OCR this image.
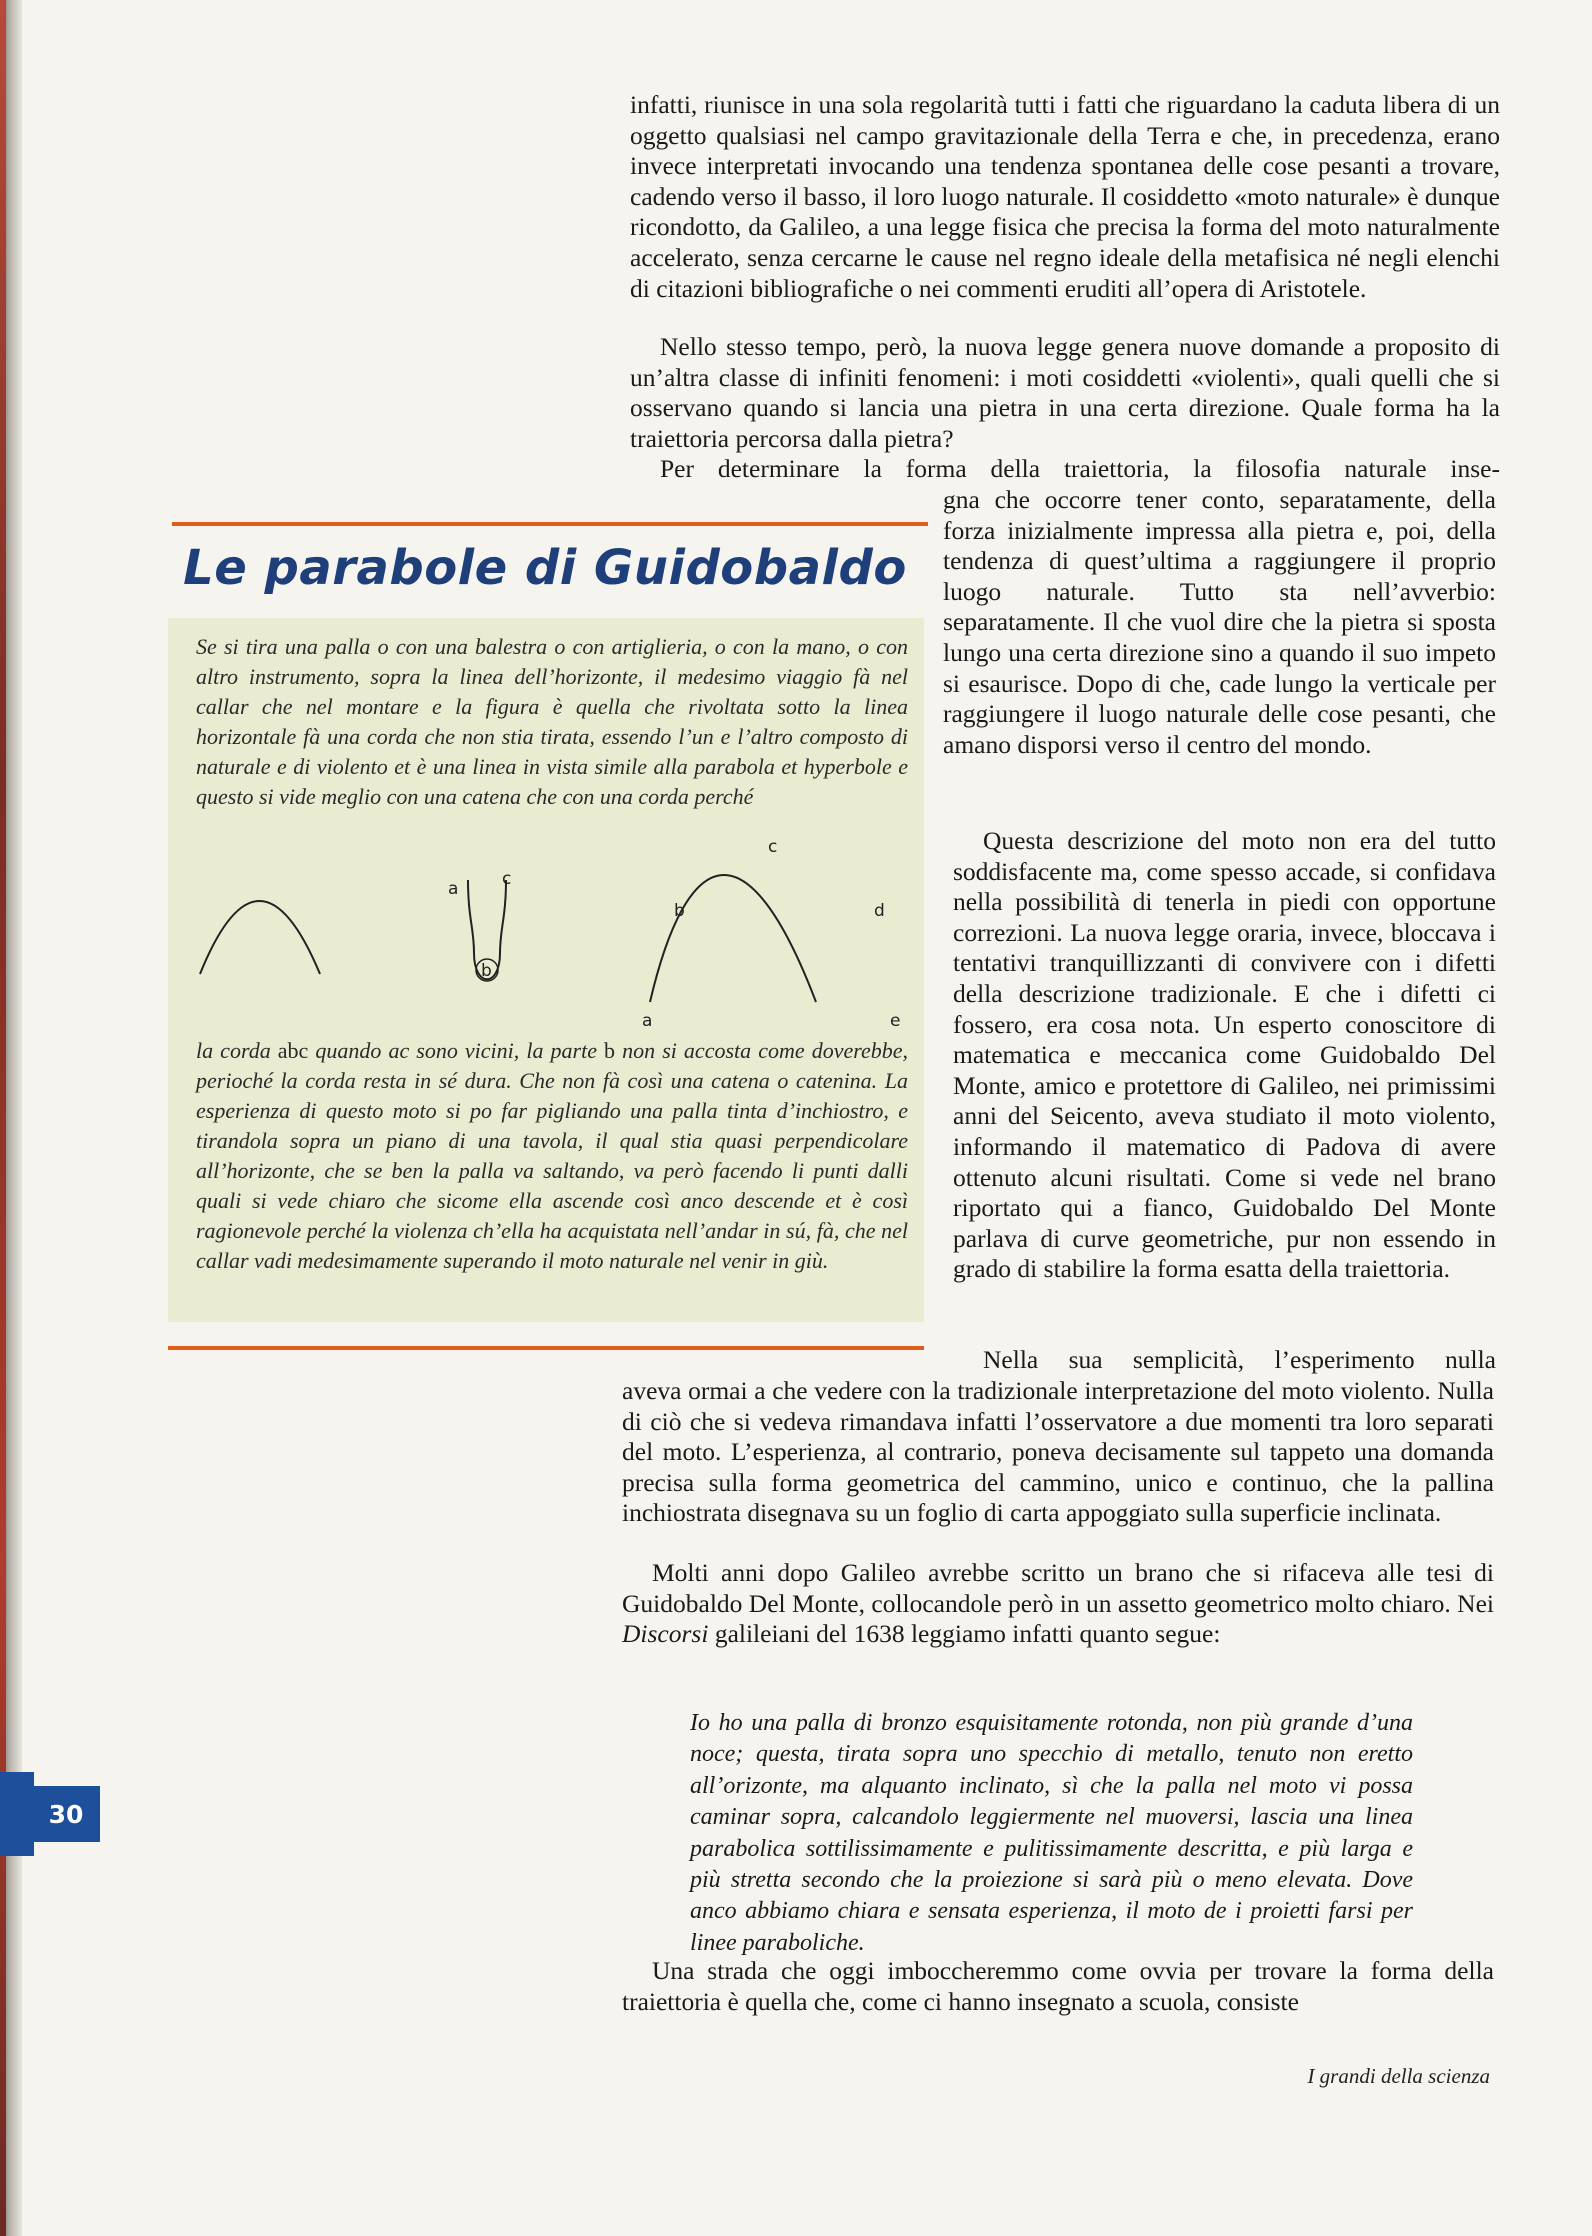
infatti, riunisce in una sola regolarità tutti i fatti che riguardano la caduta libera di un oggetto qualsiasi nel campo gravitazionale della Terra e che, in precedenza, erano invece interpretati invocando una tendenza spontanea delle cose pesanti a trovare, cadendo verso il basso, il loro luogo naturale. Il cosiddetto «moto naturale» è dunque ricondotto, da Galileo, a una legge fisica che precisa la forma del moto naturalmente accelerato, senza cercarne le cause nel regno ideale della metafisica né negli elenchi di citazioni bibliografiche o nei commenti eruditi all’opera di Aristotele.

Nello stesso tempo, però, la nuova legge genera nuove domande a proposito di un’altra classe di infiniti fenomeni: i moti cosiddetti «violenti», quali quelli che si osservano quando si lancia una pietra in una certa direzione. Quale forma ha la traiettoria percorsa dalla pietra?

Per determinare la forma della traiettoria, la filosofia naturale inse-

gna che occorre tener conto, separatamente, della forza inizialmente impressa alla pietra e, poi, della tendenza di quest’ultima a raggiungere il proprio luogo naturale. Tutto sta nell’avverbio: separatamente. Il che vuol dire che la pietra si sposta lungo una certa direzione sino a quando il suo impeto si esaurisce. Dopo di che, cade lungo la verticale per raggiungere il luogo naturale delle cose pesanti, che amano disporsi verso il centro del mondo.

Questa descrizione del moto non era del tutto soddisfacente ma, come spesso accade, si confidava nella possibilità di tenerla in piedi con opportune correzioni. La nuova legge oraria, invece, bloccava i tentativi tranquillizzanti di convivere con i difetti della descrizione tradizionale. E che i difetti ci fossero, era cosa nota. Un esperto conoscitore di matematica e meccanica come Guidobaldo Del Monte, amico e protettore di Galileo, nei primissimi anni del Seicento, aveva studiato il moto violento, informando il matematico di Padova di avere ottenuto alcuni risultati. Come si vede nel brano riportato qui a fianco, Guidobaldo Del Monte parlava di curve geometriche, pur non essendo in grado di stabilire la forma esatta della traiettoria.

Nella sua semplicità, l’esperimento nulla

aveva ormai a che vedere con la tradizionale interpretazione del moto violento. Nulla di ciò che si vedeva rimandava infatti l’osservatore a due momenti tra loro separati del moto. L’esperienza, al contrario, poneva decisamente sul tappeto una domanda precisa sulla forma geometrica del cammino, unico e continuo, che la pallina inchiostrata disegnava su un foglio di carta appoggiato sulla superficie inclinata.

Molti anni dopo Galileo avrebbe scritto un brano che si rifaceva alle tesi di Guidobaldo Del Monte, collocandole però in un assetto geometrico molto chiaro. Nei Discorsi galileiani del 1638 leggiamo infatti quanto segue:

Io ho una palla di bronzo esquisitamente rotonda, non più grande d’una noce; questa, tirata sopra uno specchio di metallo, tenuto non eretto all’orizonte, ma alquanto inclinato, sì che la palla nel moto vi possa caminar sopra, calcandolo leggiermente nel muoversi, lascia una linea parabolica sottilissimamente e pulitissimamente descritta, e più larga e più stretta secondo che la proiezione si sarà più o meno elevata. Dove anco abbiamo chiara e sensata esperienza, il moto de i proietti farsi per linee paraboliche.

Una strada che oggi imboccheremmo come ovvia per trovare la forma della traiettoria è quella che, come ci hanno insegnato a scuola, consiste

Le parabole di Guidobaldo

Se si tira una palla o con una balestra o con artiglieria, o con la mano, o con altro instrumento, sopra la linea dell’horizonte, il medesimo viaggio fà nel callar che nel montare e la figura è quella che rivoltata sotto la linea horizontale fà una corda che non stia tirata, essendo l’un e l’altro composto di naturale e di violento et è una linea in vista simile alla parabola et hyperbole e questo si vide meglio con una catena che con una corda perché

a	c
b
c
b	d
a	e

la corda abc quando ac sono vicini, la parte b non si accosta come doverebbe, perioché la corda resta in sé dura. Che non fà così una catena o catenina. La esperienza di questo moto si po far pigliando una palla tinta d’inchiostro, e tirandola sopra un piano di una tavola, il qual stia quasi perpendicolare all’horizonte, che se ben la palla va saltando, va però facendo li punti dalli quali si vede chiaro che sicome ella ascende così anco descende et è così ragionevole perché la violenza ch’ella ha acquistata nell’andar in sú, fà, che nel callar vadi medesimamente superando il moto naturale nel venir in giù.

30

I grandi della scienza
